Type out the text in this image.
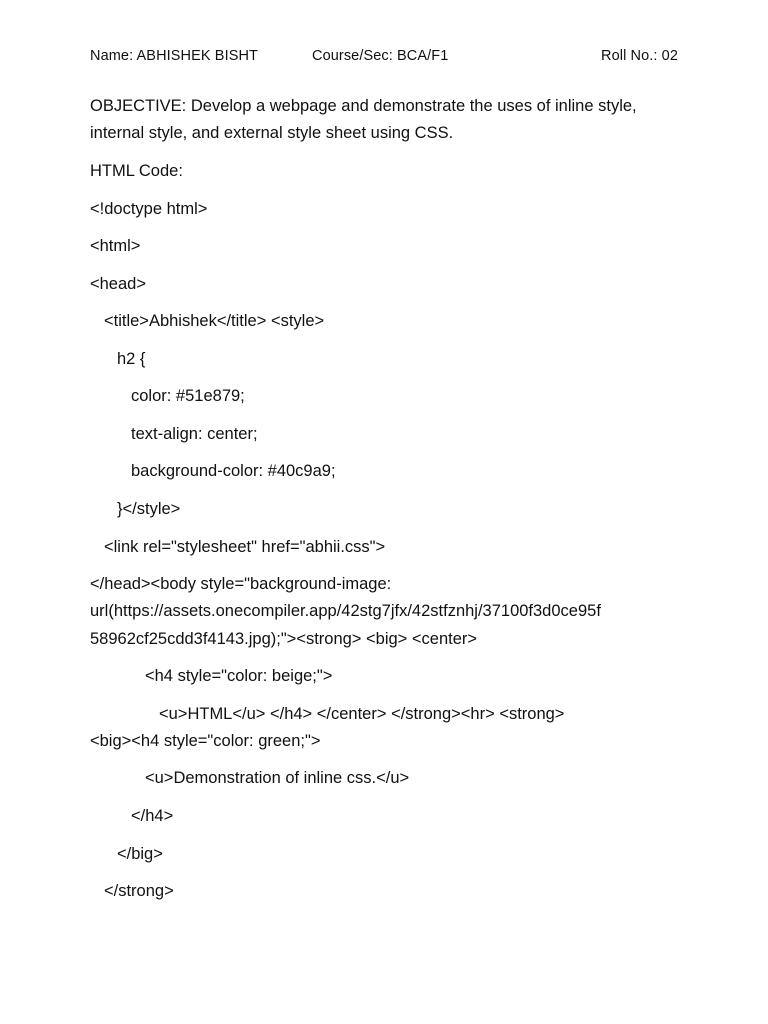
Name: ABHISHEK BISHT	Course/Sec: BCA/F1	Roll No.: 02
OBJECTIVE: Develop a webpage and demonstrate the uses of inline style, internal style, and external style sheet using CSS.
HTML Code:
<!doctype html>
<html>
<head>
<title>Abhishek</title> <style>
h2 {
color: #51e879;
text-align: center;
background-color: #40c9a9;
}</style>
<link rel="stylesheet" href="abhii.css">
</head><body style="background-image:
url(https://assets.onecompiler.app/42stg7jfx/42stfznhj/37100f3d0ce95f
58962cf25cdd3f4143.jpg);"><strong> <big> <center>
<h4 style="color: beige;">
<u>HTML</u> </h4> </center> </strong><hr> <strong>
<big><h4 style="color: green;">
<u>Demonstration of inline css.</u>
</h4>
</big>
</strong>
